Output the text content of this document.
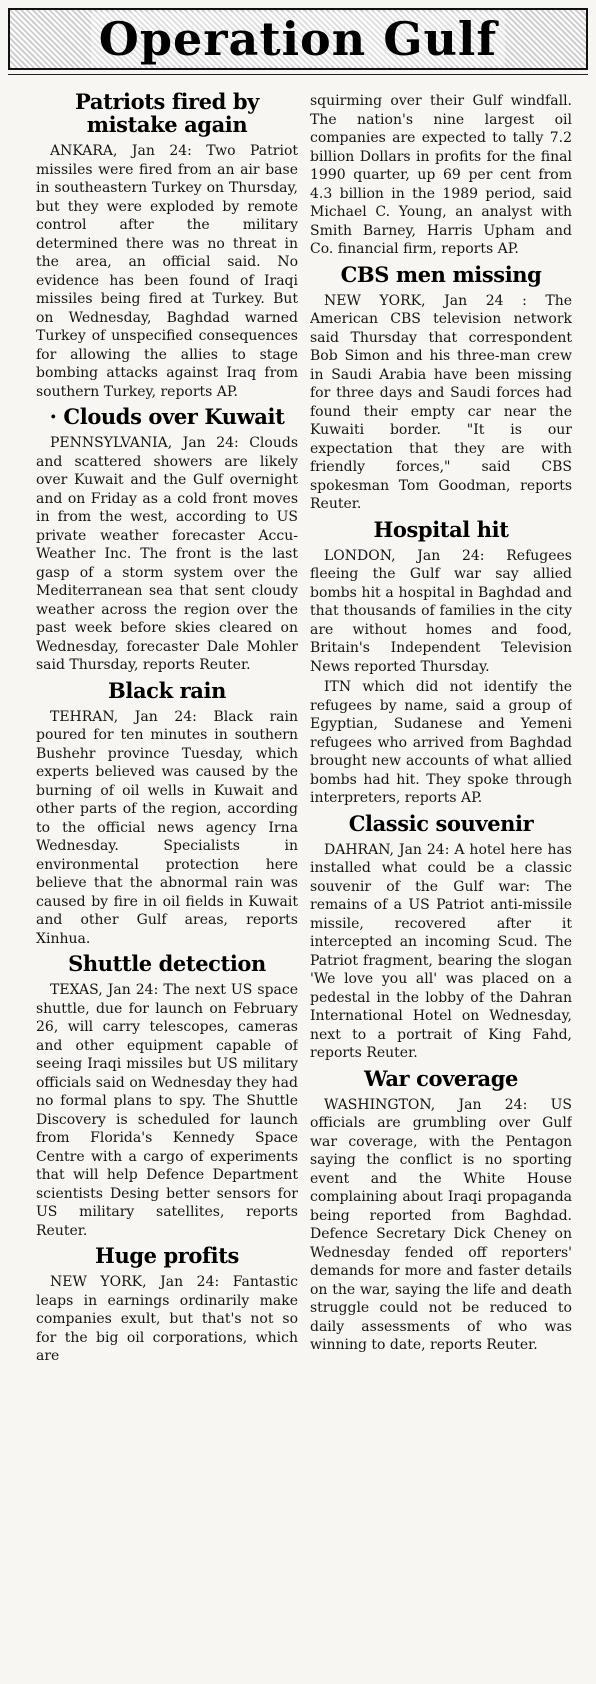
Operation Gulf
Patriots fired by mistake again

ANKARA, Jan 24: Two Patriot missiles were fired from an air base in southeastern Turkey on Thursday, but they were exploded by remote control after the military determined there was no threat in the area, an official said. No evidence has been found of Iraqi missiles being fired at Turkey. But on Wednesday, Baghdad warned Turkey of unspecified consequences for allowing the allies to stage bombing attacks against Iraq from southern Turkey, reports AP.

· Clouds over Kuwait

PENNSYLVANIA, Jan 24: Clouds and scattered showers are likely over Kuwait and the Gulf overnight and on Friday as a cold front moves in from the west, according to US private weather forecaster Accu-Weather Inc. The front is the last gasp of a storm system over the Mediterranean sea that sent cloudy weather across the region over the past week before skies cleared on Wednesday, forecaster Dale Mohler said Thursday, reports Reuter.

Black rain

TEHRAN, Jan 24: Black rain poured for ten minutes in southern Bushehr province Tuesday, which experts believed was caused by the burning of oil wells in Kuwait and other parts of the region, according to the official news agency Irna Wednesday. Specialists in environmental protection here believe that the abnormal rain was caused by fire in oil fields in Kuwait and other Gulf areas, reports Xinhua.

Shuttle detection

TEXAS, Jan 24: The next US space shuttle, due for launch on February 26, will carry telescopes, cameras and other equipment capable of seeing Iraqi missiles but US military officials said on Wednesday they had no formal plans to spy. The Shuttle Discovery is scheduled for launch from Florida's Kennedy Space Centre with a cargo of experiments that will help Defence Department scientists Desing better sensors for US military satellites, reports Reuter.

Huge profits

NEW YORK, Jan 24: Fantastic leaps in earnings ordinarily make companies exult, but that's not so for the big oil corporations, which are

squirming over their Gulf windfall. The nation's nine largest oil companies are expected to tally 7.2 billion Dollars in profits for the final 1990 quarter, up 69 per cent from 4.3 billion in the 1989 period, said Michael C. Young, an analyst with Smith Barney, Harris Upham and Co. financial firm, reports AP.

CBS men missing

NEW YORK, Jan 24 : The American CBS television network said Thursday that correspondent Bob Simon and his three-man crew in Saudi Arabia have been missing for three days and Saudi forces had found their empty car near the Kuwaiti border. "It is our expectation that they are with friendly forces," said CBS spokesman Tom Goodman, reports Reuter.

Hospital hit

LONDON, Jan 24: Refugees fleeing the Gulf war say allied bombs hit a hospital in Baghdad and that thousands of families in the city are without homes and food, Britain's Independent Television News reported Thursday.

ITN which did not identify the refugees by name, said a group of Egyptian, Sudanese and Yemeni refugees who arrived from Baghdad brought new accounts of what allied bombs had hit. They spoke through interpreters, reports AP.

Classic souvenir

DAHRAN, Jan 24: A hotel here has installed what could be a classic souvenir of the Gulf war: The remains of a US Patriot anti-missile missile, recovered after it intercepted an incoming Scud. The Patriot fragment, bearing the slogan 'We love you all' was placed on a pedestal in the lobby of the Dahran International Hotel on Wednesday, next to a portrait of King Fahd, reports Reuter.

War coverage

WASHINGTON, Jan 24: US officials are grumbling over Gulf war coverage, with the Pentagon saying the conflict is no sporting event and the White House complaining about Iraqi propaganda being reported from Baghdad. Defence Secretary Dick Cheney on Wednesday fended off reporters' demands for more and faster details on the war, saying the life and death struggle could not be reduced to daily assessments of who was winning to date, reports Reuter.
